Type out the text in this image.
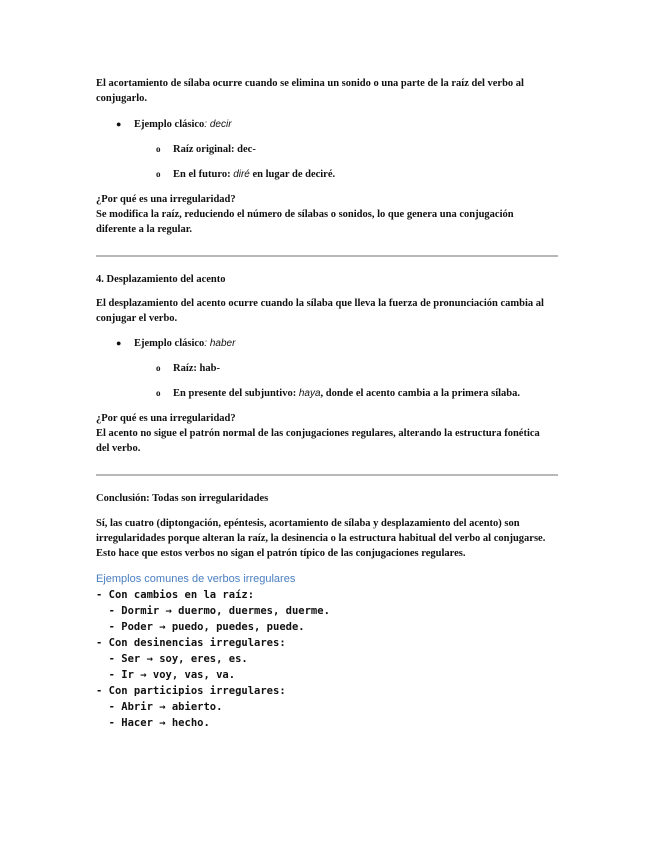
El acortamiento de sílaba ocurre cuando se elimina un sonido o una parte de la raíz del verbo al conjugarlo.

● Ejemplo clásico: decir
o Raíz original: dec-
o En el futuro: diré en lugar de deciré.

¿Por qué es una irregularidad?

Se modifica la raíz, reduciendo el número de sílabas o sonidos, lo que genera una conjugación diferente a la regular.

4. Desplazamiento del acento

El desplazamiento del acento ocurre cuando la sílaba que lleva la fuerza de pronunciación cambia al conjugar el verbo.

● Ejemplo clásico: haber
o Raíz: hab-
o En presente del subjuntivo: haya, donde el acento cambia a la primera sílaba.

¿Por qué es una irregularidad?

El acento no sigue el patrón normal de las conjugaciones regulares, alterando la estructura fonética del verbo.

Conclusión: Todas son irregularidades

Sí, las cuatro (diptongación, epéntesis, acortamiento de sílaba y desplazamiento del acento) son irregularidades porque alteran la raíz, la desinencia o la estructura habitual del verbo al conjugarse. Esto hace que estos verbos no sigan el patrón típico de las conjugaciones regulares.

Ejemplos comunes de verbos irregulares
- Con cambios en la raíz:
- Dormir → duermo, duermes, duerme.
- Poder → puedo, puedes, puede.
- Con desinencias irregulares:
- Ser → soy, eres, es.
- Ir → voy, vas, va.
- Con participios irregulares:
- Abrir → abierto.
- Hacer → hecho.
